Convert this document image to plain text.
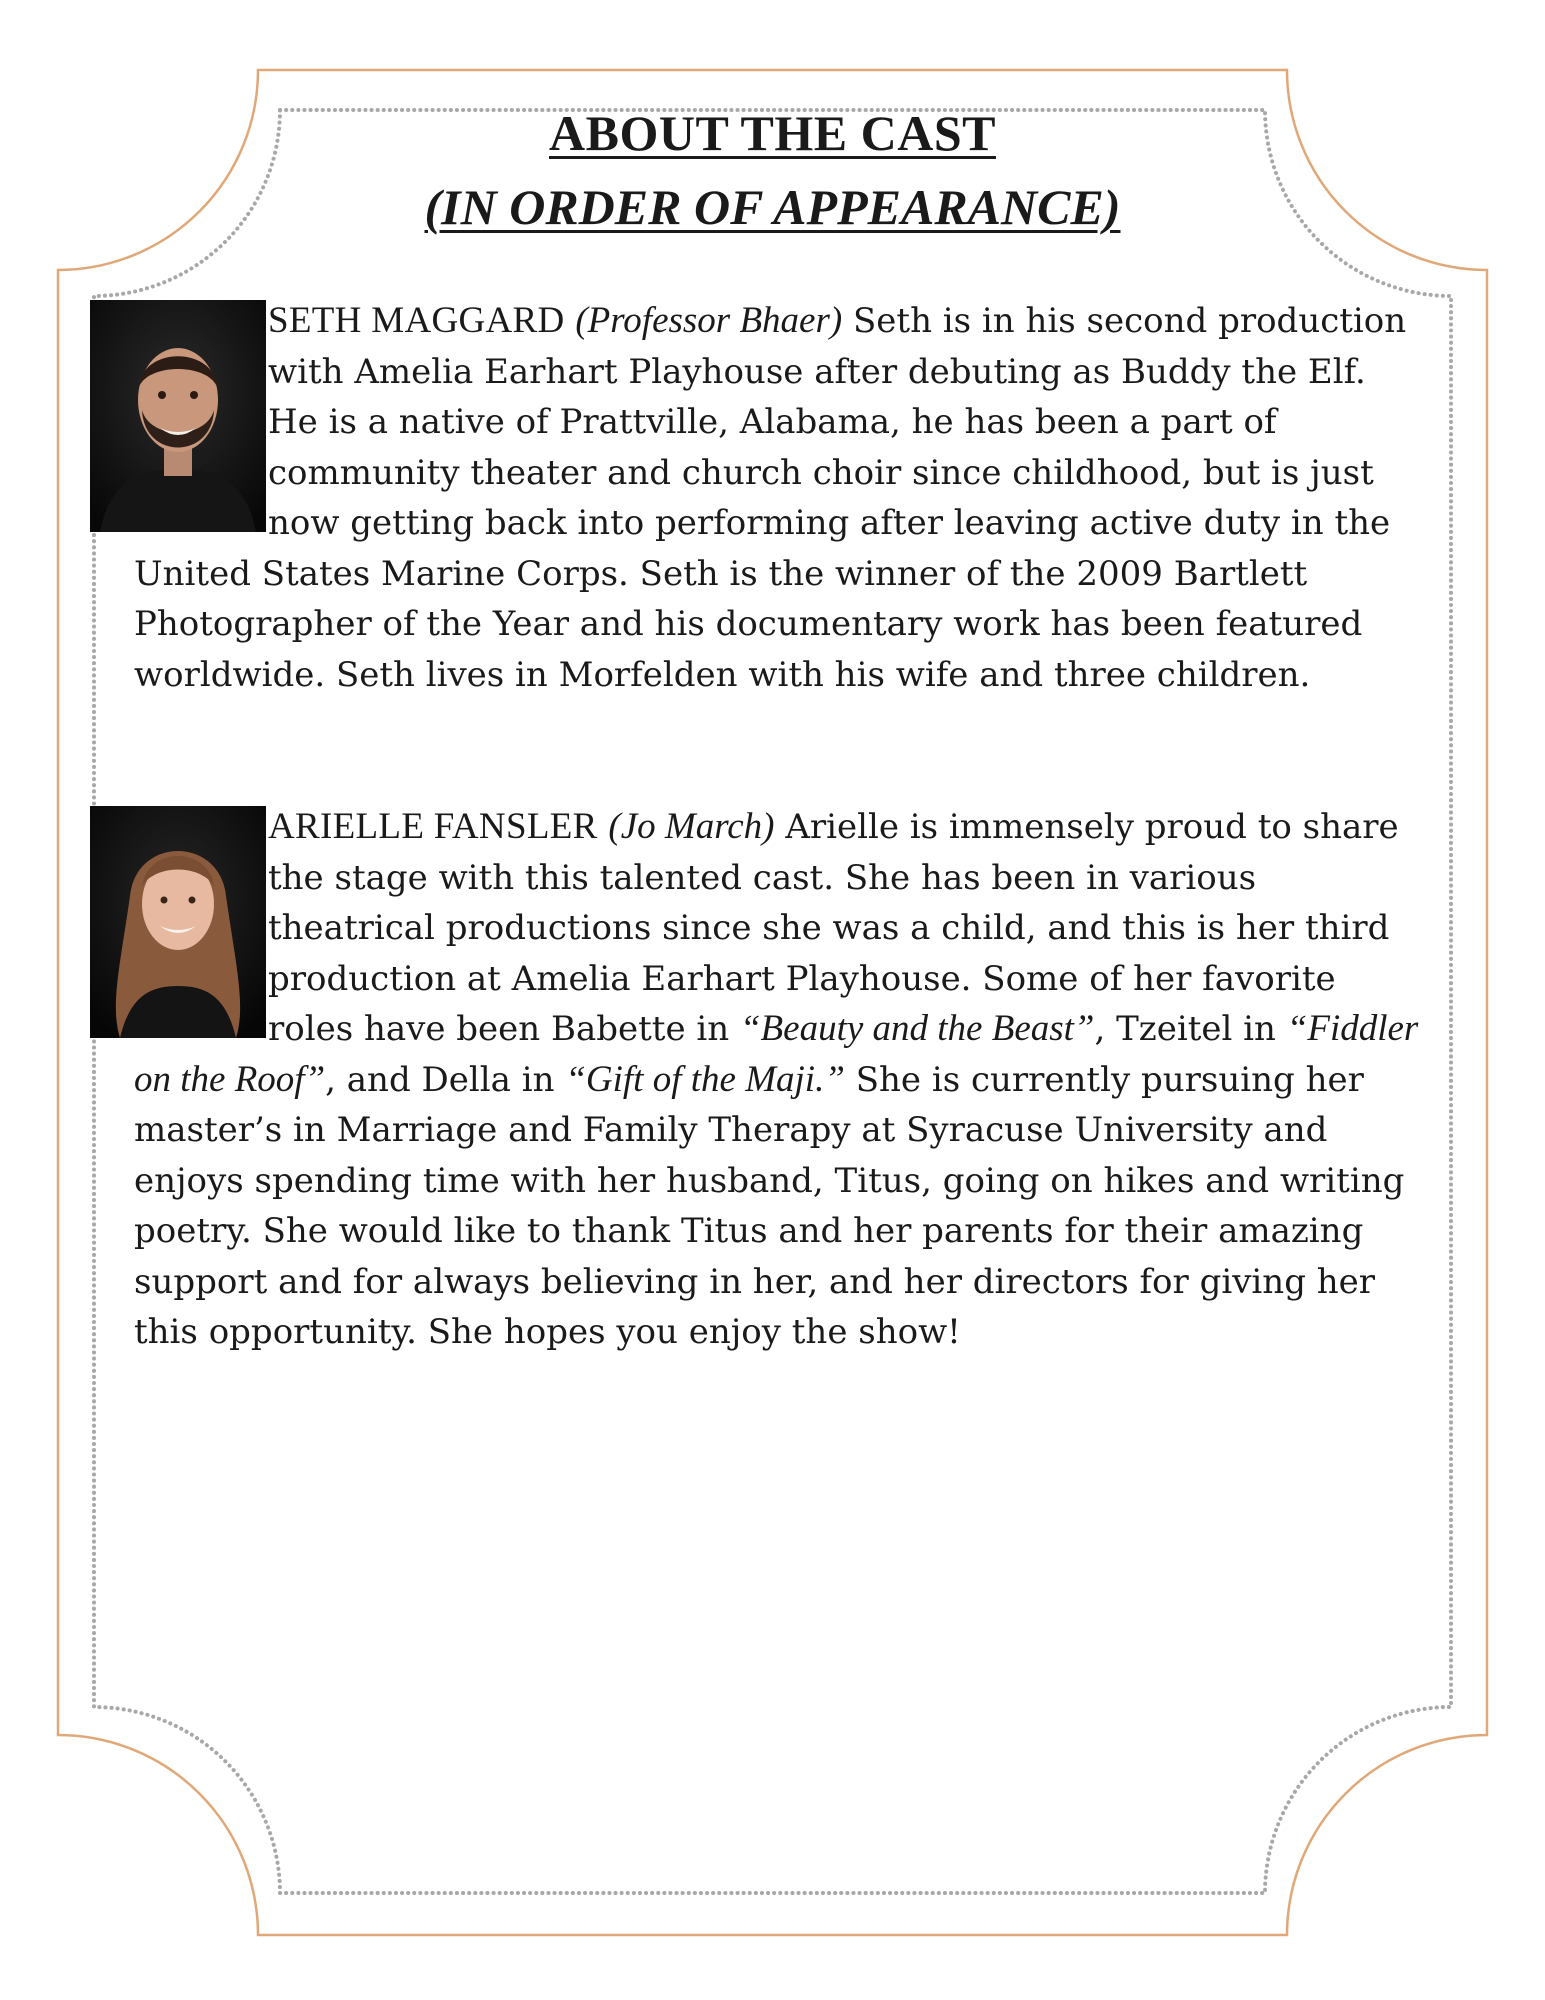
ABOUT THE CAST
(IN ORDER OF APPEARANCE)

SETH MAGGARD (Professor Bhaer) Seth is in his second production with Amelia Earhart Playhouse after debuting as Buddy the Elf. He is a native of Prattville, Alabama, he has been a part of community theater and church choir since childhood, but is just now getting back into performing after leaving active duty in the United States Marine Corps. Seth is the winner of the 2009 Bartlett Photographer of the Year and his documentary work has been featured worldwide. Seth lives in Morfelden with his wife and three children.

ARIELLE FANSLER (Jo March) Arielle is immensely proud to share the stage with this talented cast. She has been in various theatrical productions since she was a child, and this is her third production at Amelia Earhart Playhouse. Some of her favorite roles have been Babette in “Beauty and the Beast”, Tzeitel in “Fiddler on the Roof”, and Della in “Gift of the Maji.” She is currently pursuing her master’s in Marriage and Family Therapy at Syracuse University and enjoys spending time with her husband, Titus, going on hikes and writing poetry. She would like to thank Titus and her parents for their amazing support and for always believing in her, and her directors for giving her this opportunity. She hopes you enjoy the show!
